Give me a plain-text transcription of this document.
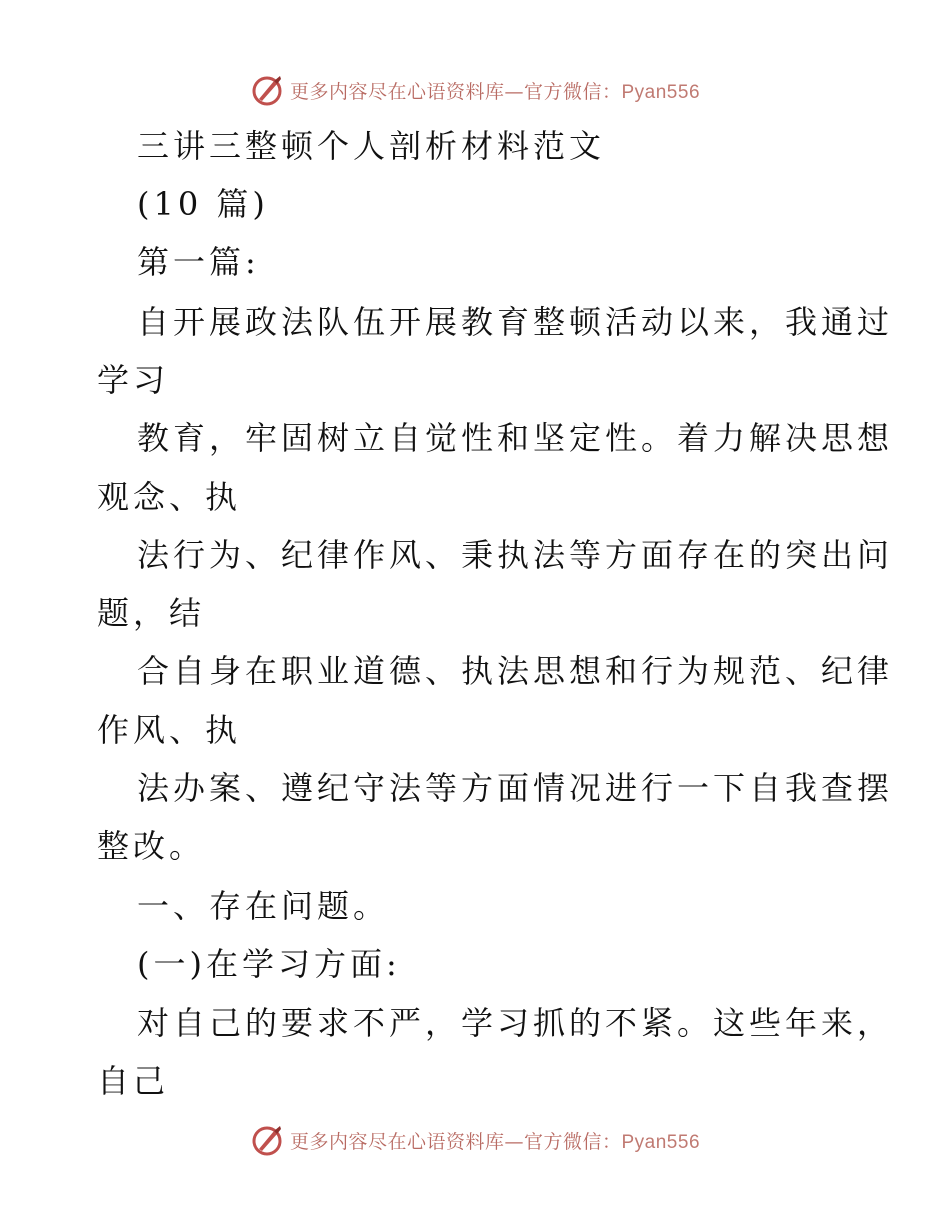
更多内容尽在心语资料库—官方微信：Pyan556
三讲三整顿个人剖析材料范文
(10 篇)
第一篇:
自开展政法队伍开展教育整顿活动以来，我通过
学习
教育，牢固树立自觉性和坚定性。着力解决思想
观念、执
法行为、纪律作风、秉执法等方面存在的突出问
题，结
合自身在职业道德、执法思想和行为规范、纪律
作风、执
法办案、遵纪守法等方面情况进行一下自我查摆
整改。
一、存在问题。
(一)在学习方面:
对自己的要求不严，学习抓的不紧。这些年来，
自己
更多内容尽在心语资料库—官方微信：Pyan556
